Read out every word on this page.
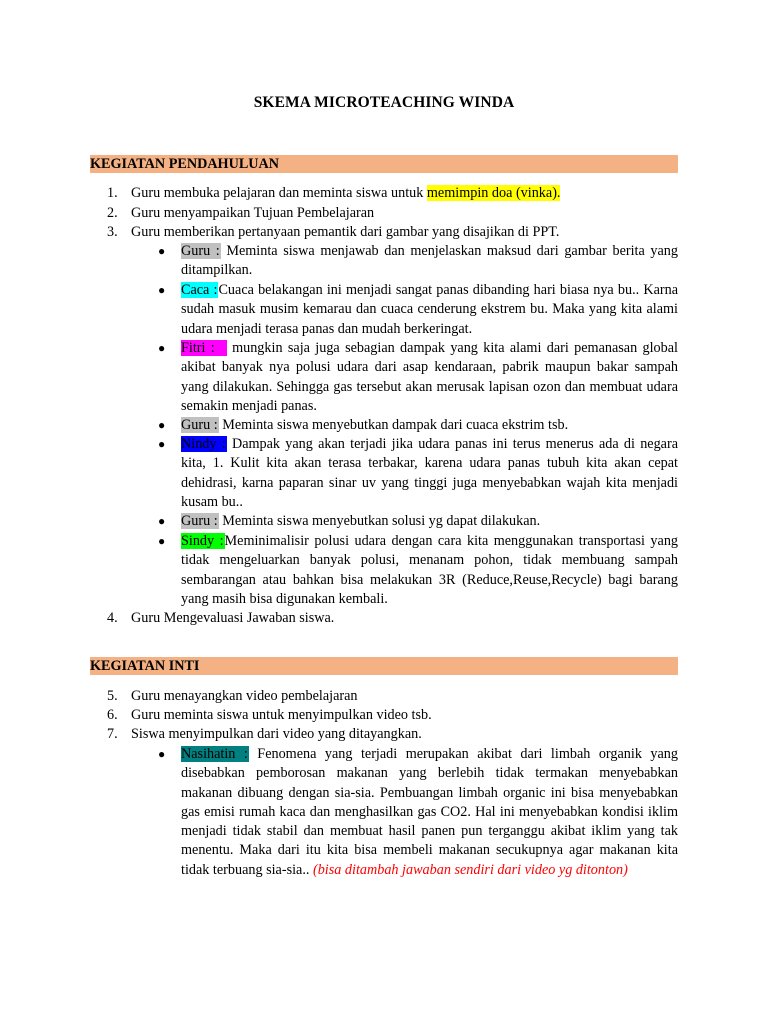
SKEMA MICROTEACHING WINDA
KEGIATAN PENDAHULUAN
1. Guru membuka pelajaran dan meminta siswa untuk memimpin doa (vinka).
2. Guru menyampaikan Tujuan Pembelajaran
3. Guru memberikan pertanyaan pemantik dari gambar yang disajikan di PPT.
● Guru : Meminta siswa menjawab dan menjelaskan maksud dari gambar berita yang ditampilkan.
● Caca :Cuaca belakangan ini menjadi sangat panas dibanding hari biasa nya bu.. Karna sudah masuk musim kemarau dan cuaca cenderung ekstrem bu. Maka yang kita alami udara menjadi terasa panas dan mudah berkeringat.
● Fitri : mungkin saja juga sebagian dampak yang kita alami dari pemanasan global akibat banyak nya polusi udara dari asap kendaraan, pabrik maupun bakar sampah yang dilakukan. Sehingga gas tersebut akan merusak lapisan ozon dan membuat udara semakin menjadi panas.
● Guru : Meminta siswa menyebutkan dampak dari cuaca ekstrim tsb.
● Nindy : Dampak yang akan terjadi jika udara panas ini terus menerus ada di negara kita, 1. Kulit kita akan terasa terbakar, karena udara panas tubuh kita akan cepat dehidrasi, karna paparan sinar uv yang tinggi juga menyebabkan wajah kita menjadi kusam bu..
● Guru : Meminta siswa menyebutkan solusi yg dapat dilakukan.
● Sindy :Meminimalisir polusi udara dengan cara kita menggunakan transportasi yang tidak mengeluarkan banyak polusi, menanam pohon, tidak membuang sampah sembarangan atau bahkan bisa melakukan 3R (Reduce,Reuse,Recycle) bagi barang yang masih bisa digunakan kembali.
4. Guru Mengevaluasi Jawaban siswa.
KEGIATAN INTI
5. Guru menayangkan video pembelajaran
6. Guru meminta siswa untuk menyimpulkan video tsb.
7. Siswa menyimpulkan dari video yang ditayangkan.
● Nasihatin : Fenomena yang terjadi merupakan akibat dari limbah organik yang disebabkan pemborosan makanan yang berlebih tidak termakan menyebabkan makanan dibuang dengan sia-sia. Pembuangan limbah organic ini bisa menyebabkan gas emisi rumah kaca dan menghasilkan gas CO2. Hal ini menyebabkan kondisi iklim menjadi tidak stabil dan membuat hasil panen pun terganggu akibat iklim yang tak menentu. Maka dari itu kita bisa membeli makanan secukupnya agar makanan kita tidak terbuang sia-sia.. (bisa ditambah jawaban sendiri dari video yg ditonton)
